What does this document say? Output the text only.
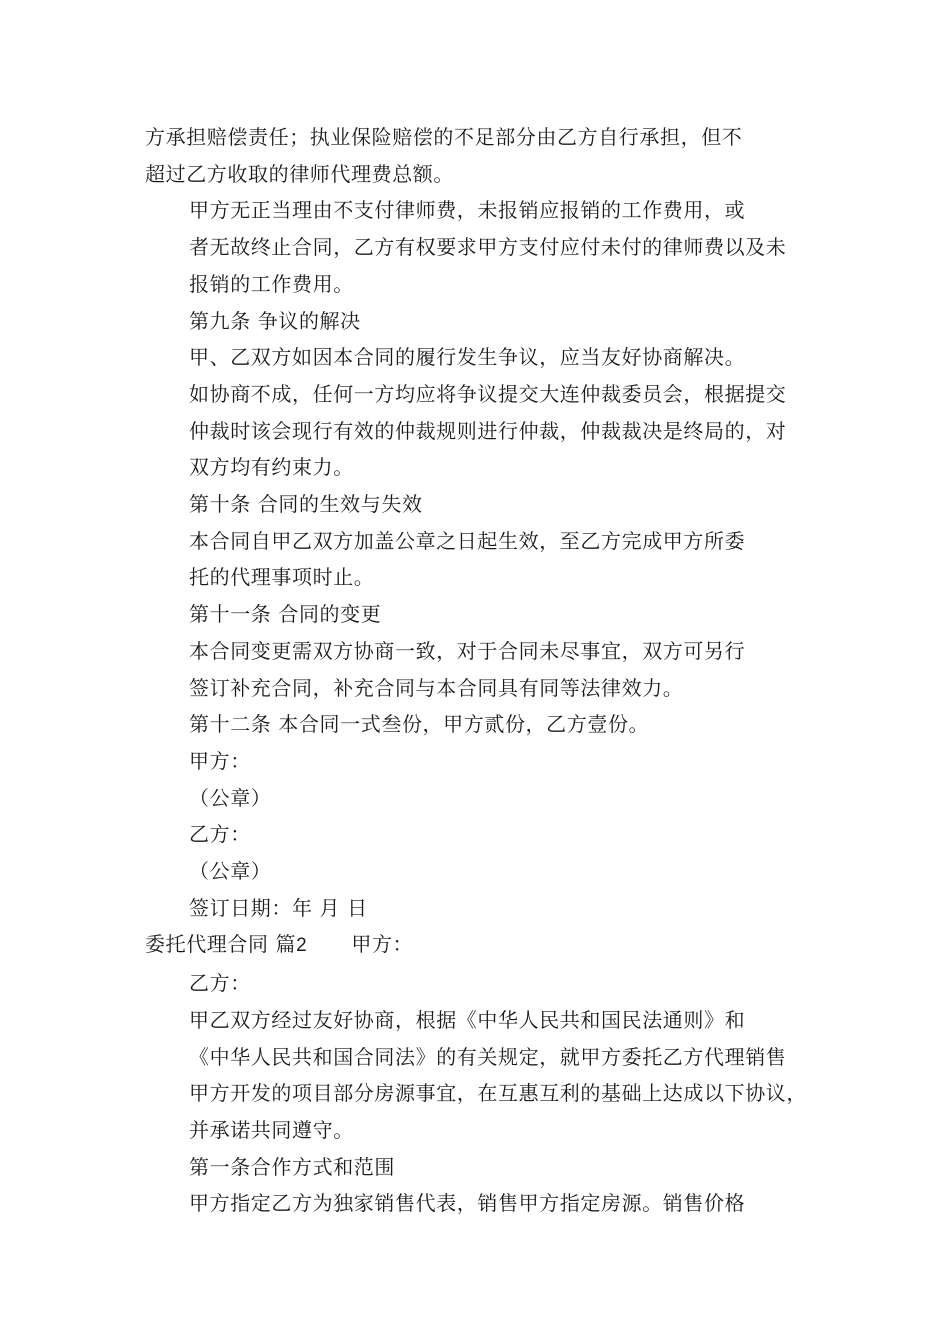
方承担赔偿责任；执业保险赔偿的不足部分由乙方自行承担，但不
超过乙方收取的律师代理费总额。
甲方无正当理由不支付律师费，未报销应报销的工作费用，或
者无故终止合同，乙方有权要求甲方支付应付未付的律师费以及未
报销的工作费用。
第九条 争议的解决
甲、乙双方如因本合同的履行发生争议，应当友好协商解决。
如协商不成，任何一方均应将争议提交大连仲裁委员会，根据提交
仲裁时该会现行有效的仲裁规则进行仲裁，仲裁裁决是终局的，对
双方均有约束力。
第十条 合同的生效与失效
本合同自甲乙双方加盖公章之日起生效，至乙方完成甲方所委
托的代理事项时止。
第十一条 合同的变更
本合同变更需双方协商一致，对于合同未尽事宜，双方可另行
签订补充合同，补充合同与本合同具有同等法律效力。
第十二条 本合同一式叁份，甲方贰份，乙方壹份。
甲方：
（公章）
乙方：
（公章）
签订日期：年 月 日
委托代理合同 篇2 甲方：
乙方：
甲乙双方经过友好协商，根据《中华人民共和国民法通则》和
《中华人民共和国合同法》的有关规定，就甲方委托乙方代理销售
甲方开发的项目部分房源事宜，在互惠互利的基础上达成以下协议，
并承诺共同遵守。
第一条合作方式和范围
甲方指定乙方为独家销售代表，销售甲方指定房源。销售价格
